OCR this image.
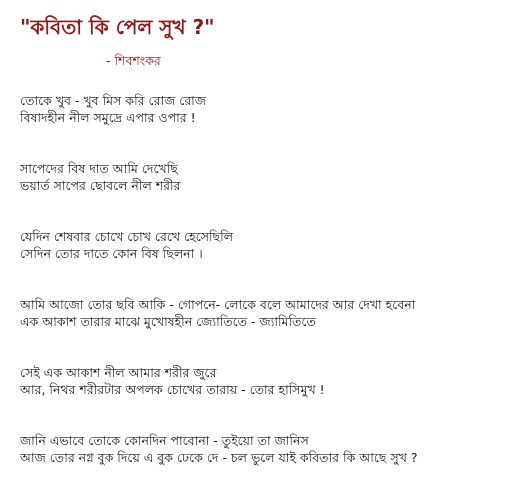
"কবিতা কি পেল সুখ ?"
- শিবশংকর

তোকে খুব - খুব মিস করি রোজ রোজ
বিষাদহীন নীল সমুদ্রে এপার ওপার !

সাপেদের বিষ দাত আমি দেখেছি
ভয়ার্ত সাপের ছোবলে নীল শরীর

যেদিন শেষবার চোখে চোখ রেখে হেসেছিলি
সেদিন তোর দাতে কোন বিষ ছিলনা ।

আমি আজো তোর ছবি আকি - গোপনে- লোকে বলে আমাদের আর দেখা হবেনা
এক আকাশ তারার মাঝে মুখোষহীন জ্যোতিতে - জ্যামিতিতে

সেই এক আকাশ নীল আমার শরীর জুরে
আর, নিথর শরীরটার অপলক চোখের তারায় - তোর হাসিমুখ !

জানি এভাবে তোকে কোনদিন পাবোনা - তুইয়ো তা জানিস
আজ তোর নগ্ন বুক দিয়ে এ বুক ঢেকে দে - চল ভুলে যাই কবিতার কি আছে সুখ ?
